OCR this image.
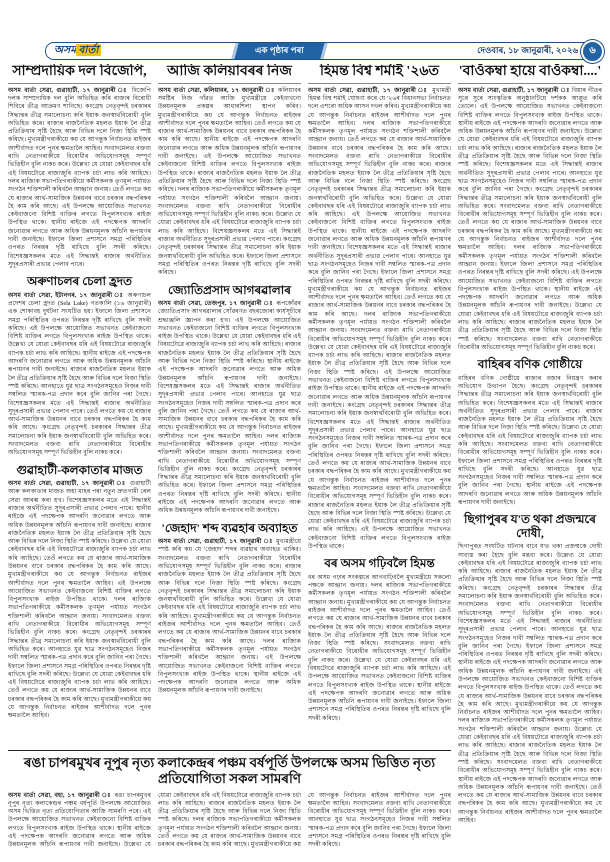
অসম বাৰ্তা	এক পৃষ্ঠাৰ পৰা	দেওবাৰ, ১৮ জানুৱাৰী, ২০২৬	৬
সাম্প্ৰদায়িক দল বিজেপি,

অসম বাৰ্তা সেৱা, গুৱাহাটী, ১৭ জানুৱাৰী ঃ বিজেপি দলক সাম্প্ৰদায়িক দল বুলি অভিহিত কৰি ৰাজ্যৰ বিৰোধী শিবিৰে তীব্ৰ আক্ৰমণ শানিছে। কংগ্ৰেছ নেতৃবৃন্দই চৰকাৰৰ সিদ্ধান্তৰ তীব্ৰ সমালোচনা কৰি ইয়াক জনস্বাৰ্থবিৰোধী বুলি অভিহিত কৰে। ৰাজ্যৰ ৰাজনৈতিক মহলত ইয়াক লৈ তীব্ৰ প্ৰতিক্ৰিয়াৰ সৃষ্টি হৈছে আৰু বিভিন্ন দলে নিজা স্থিতি স্পষ্ট কৰিছে। মুখ্যমন্ত্ৰীগৰাকীয়ে কয় যে আগন্তুক নিৰ্বাচনত ৰাইজৰ আশীৰ্বাদত দলে পুনৰ ক্ষমতালৈ আহিব। সংবাদমেলত বক্তব্য ৰাখি নেতাগৰাকীয়ে বিৰোধীৰ অভিযোগসমূহ সম্পূৰ্ণ ভিত্তিহীন বুলি নাকচ কৰে। উল্লেখ্য যে যোৱা কেইবাবছৰ ধৰি এই বিষয়টোৱে ৰাজ্যজুৰি ব্যাপক চৰ্চা লাভ কৰি আহিছে। দলৰ ৰাজ্যিক সভাপতিগৰাকীয়ে কৰ্মীসকলক তৃণমূল পৰ্যায়ত সংগঠন শক্তিশালী কৰিবলৈ আহ্বান জনায়। তেওঁ লগতে কয় যে ৰাজ্যৰ আৰ্থ-সামাজিক উন্নয়নৰ বাবে চৰকাৰ বদ্ধপৰিকৰ হৈ কাম কৰি আছে। এই উপলক্ষে আয়োজিত সভাখনত কেইবাজনো বিশিষ্ট ব্যক্তিৰ লগতে বিপুলসংখ্যক ৰাইজ উপস্থিত থাকে। স্থানীয় ৰাইজে এই পদক্ষেপক আদৰণি জনোৱাৰ লগতে আৰু অধিক উন্নয়নমূলক আঁচনি ৰূপায়ণৰ দাবী জনাইছে। ইফালে জিলা প্ৰশাসনে সমগ্ৰ পৰিস্থিতিৰ ওপৰত নিৰন্তৰ দৃষ্টি ৰাখিছে বুলি সদৰী কৰিছে। বিশেষজ্ঞসকলৰ মতে এই সিদ্ধান্তই ৰাজ্যৰ অৰ্থনীতিত সুদূৰপ্ৰসাৰী প্ৰভাৱ পেলাব পাৰে।

অৰুণাচলৰ চেলা হ্ৰদত

অসম বাৰ্তা সেৱা, ইটানগৰ, ১৭ জানুৱাৰী ঃ অৰুণাচল প্ৰদেশৰ চেলা হ্ৰদত (Sela Lake) গতকালি (১৬ জানুৱাৰী) এক শোকাবহ দুৰ্ঘটনা সংঘটিত হয়। ইফালে জিলা প্ৰশাসনে সমগ্ৰ পৰিস্থিতিৰ ওপৰত নিৰন্তৰ দৃষ্টি ৰাখিছে বুলি সদৰী কৰিছে। এই উপলক্ষে আয়োজিত সভাখনত কেইবাজনো বিশিষ্ট ব্যক্তিৰ লগতে বিপুলসংখ্যক ৰাইজ উপস্থিত থাকে। উল্লেখ্য যে যোৱা কেইবাবছৰ ধৰি এই বিষয়টোৱে ৰাজ্যজুৰি ব্যাপক চৰ্চা লাভ কৰি আহিছে। স্থানীয় ৰাইজে এই পদক্ষেপক আদৰণি জনোৱাৰ লগতে আৰু অধিক উন্নয়নমূলক আঁচনি ৰূপায়ণৰ দাবী জনাইছে। ৰাজ্যৰ ৰাজনৈতিক মহলত ইয়াক লৈ তীব্ৰ প্ৰতিক্ৰিয়াৰ সৃষ্টি হৈছে আৰু বিভিন্ন দলে নিজা স্থিতি স্পষ্ট কৰিছে। আনহাতে যুৱ ছাত্ৰ সংগঠনসমূহেও নিজৰ দাবী সম্বলিত স্মাৰক-পত্ৰ প্ৰদান কৰে বুলি জানিব পৰা গৈছে। বিশেষজ্ঞসকলৰ মতে এই সিদ্ধান্তই ৰাজ্যৰ অৰ্থনীতিত সুদূৰপ্ৰসাৰী প্ৰভাৱ পেলাব পাৰে। তেওঁ লগতে কয় যে ৰাজ্যৰ আৰ্থ-সামাজিক উন্নয়নৰ বাবে চৰকাৰ বদ্ধপৰিকৰ হৈ কাম কৰি আছে। কংগ্ৰেছ নেতৃবৃন্দই চৰকাৰৰ সিদ্ধান্তৰ তীব্ৰ সমালোচনা কৰি ইয়াক জনস্বাৰ্থবিৰোধী বুলি অভিহিত কৰে। সংবাদমেলত বক্তব্য ৰাখি নেতাগৰাকীয়ে বিৰোধীৰ অভিযোগসমূহ সম্পূৰ্ণ ভিত্তিহীন বুলি নাকচ কৰে।

গুৱাহাটী-কলকাতাৰ মাজত

অসম বাৰ্তা সেৱা, গুৱাহাটী, ১৭ জানুৱাৰী ঃ গুৱাহাটী আৰু কলকাতাৰ মাজত অহা মাহৰ পৰা নতুন দ্ৰুতগামী ৰেল সেৱা আৰম্ভ কৰা হ'ব। বিশেষজ্ঞসকলৰ মতে এই সিদ্ধান্তই ৰাজ্যৰ অৰ্থনীতিত সুদূৰপ্ৰসাৰী প্ৰভাৱ পেলাব পাৰে। স্থানীয় ৰাইজে এই পদক্ষেপক আদৰণি জনোৱাৰ লগতে আৰু অধিক উন্নয়নমূলক আঁচনি ৰূপায়ণৰ দাবী জনাইছে। ৰাজ্যৰ ৰাজনৈতিক মহলত ইয়াক লৈ তীব্ৰ প্ৰতিক্ৰিয়াৰ সৃষ্টি হৈছে আৰু বিভিন্ন দলে নিজা স্থিতি স্পষ্ট কৰিছে। উল্লেখ্য যে যোৱা কেইবাবছৰ ধৰি এই বিষয়টোৱে ৰাজ্যজুৰি ব্যাপক চৰ্চা লাভ কৰি আহিছে। তেওঁ লগতে কয় যে ৰাজ্যৰ আৰ্থ-সামাজিক উন্নয়নৰ বাবে চৰকাৰ বদ্ধপৰিকৰ হৈ কাম কৰি আছে। মুখ্যমন্ত্ৰীগৰাকীয়ে কয় যে আগন্তুক নিৰ্বাচনত ৰাইজৰ আশীৰ্বাদত দলে পুনৰ ক্ষমতালৈ আহিব। এই উপলক্ষে আয়োজিত সভাখনত কেইবাজনো বিশিষ্ট ব্যক্তিৰ লগতে বিপুলসংখ্যক ৰাইজ উপস্থিত থাকে। দলৰ ৰাজ্যিক সভাপতিগৰাকীয়ে কৰ্মীসকলক তৃণমূল পৰ্যায়ত সংগঠন শক্তিশালী কৰিবলৈ আহ্বান জনায়। সংবাদমেলত বক্তব্য ৰাখি নেতাগৰাকীয়ে বিৰোধীৰ অভিযোগসমূহ সম্পূৰ্ণ ভিত্তিহীন বুলি নাকচ কৰে। কংগ্ৰেছ নেতৃবৃন্দই চৰকাৰৰ সিদ্ধান্তৰ তীব্ৰ সমালোচনা কৰি ইয়াক জনস্বাৰ্থবিৰোধী বুলি অভিহিত কৰে। আনহাতে যুৱ ছাত্ৰ সংগঠনসমূহেও নিজৰ দাবী সম্বলিত স্মাৰক-পত্ৰ প্ৰদান কৰে বুলি জানিব পৰা গৈছে। ইফালে জিলা প্ৰশাসনে সমগ্ৰ পৰিস্থিতিৰ ওপৰত নিৰন্তৰ দৃষ্টি ৰাখিছে বুলি সদৰী কৰিছে। উল্লেখ্য যে যোৱা কেইবাবছৰ ধৰি এই বিষয়টোৱে ৰাজ্যজুৰি ব্যাপক চৰ্চা লাভ কৰি আহিছে। তেওঁ লগতে কয় যে ৰাজ্যৰ আৰ্থ-সামাজিক উন্নয়নৰ বাবে চৰকাৰ বদ্ধপৰিকৰ হৈ কাম কৰি আছে। মুখ্যমন্ত্ৰীগৰাকীয়ে কয় যে আগন্তুক নিৰ্বাচনত ৰাইজৰ আশীৰ্বাদত দলে পুনৰ ক্ষমতালৈ আহিব।

আজি কলিয়াবৰৰ নিজ

অসম বাৰ্তা সেৱা, কলিয়াবৰ, ১৭ জানুৱাৰী ঃ কলিয়াবৰ সমষ্টিৰ নিজ গাঁৱত আজি মুখ্যমন্ত্ৰীয়ে কেইবাখনো উন্নয়নমূলক প্ৰকল্পৰ আধাৰশিলা স্থাপন কৰিব। মুখ্যমন্ত্ৰীগৰাকীয়ে কয় যে আগন্তুক নিৰ্বাচনত ৰাইজৰ আশীৰ্বাদত দলে পুনৰ ক্ষমতালৈ আহিব। তেওঁ লগতে কয় যে ৰাজ্যৰ আৰ্থ-সামাজিক উন্নয়নৰ বাবে চৰকাৰ বদ্ধপৰিকৰ হৈ কাম কৰি আছে। স্থানীয় ৰাইজে এই পদক্ষেপক আদৰণি জনোৱাৰ লগতে আৰু অধিক উন্নয়নমূলক আঁচনি ৰূপায়ণৰ দাবী জনাইছে। এই উপলক্ষে আয়োজিত সভাখনত কেইবাজনো বিশিষ্ট ব্যক্তিৰ লগতে বিপুলসংখ্যক ৰাইজ উপস্থিত থাকে। ৰাজ্যৰ ৰাজনৈতিক মহলত ইয়াক লৈ তীব্ৰ প্ৰতিক্ৰিয়াৰ সৃষ্টি হৈছে আৰু বিভিন্ন দলে নিজা স্থিতি স্পষ্ট কৰিছে। দলৰ ৰাজ্যিক সভাপতিগৰাকীয়ে কৰ্মীসকলক তৃণমূল পৰ্যায়ত সংগঠন শক্তিশালী কৰিবলৈ আহ্বান জনায়। সংবাদমেলত বক্তব্য ৰাখি নেতাগৰাকীয়ে বিৰোধীৰ অভিযোগসমূহ সম্পূৰ্ণ ভিত্তিহীন বুলি নাকচ কৰে। উল্লেখ্য যে যোৱা কেইবাবছৰ ধৰি এই বিষয়টোৱে ৰাজ্যজুৰি ব্যাপক চৰ্চা লাভ কৰি আহিছে। বিশেষজ্ঞসকলৰ মতে এই সিদ্ধান্তই ৰাজ্যৰ অৰ্থনীতিত সুদূৰপ্ৰসাৰী প্ৰভাৱ পেলাব পাৰে। কংগ্ৰেছ নেতৃবৃন্দই চৰকাৰৰ সিদ্ধান্তৰ তীব্ৰ সমালোচনা কৰি ইয়াক জনস্বাৰ্থবিৰোধী বুলি অভিহিত কৰে। ইফালে জিলা প্ৰশাসনে সমগ্ৰ পৰিস্থিতিৰ ওপৰত নিৰন্তৰ দৃষ্টি ৰাখিছে বুলি সদৰী কৰিছে।

জ্যোতিপ্ৰসাদ আগৰৱালাৰ

অসম বাৰ্তা সেৱা, তেজপুৰ, ১৭ জানুৱাৰী ঃ ৰূপকোঁৱৰ জ্যোতিপ্ৰসাদ আগৰৱালাৰ সোঁৱৰণত বছৰজোৰা কাৰ্যসূচীৰে শ্ৰদ্ধাঞ্জলি জ্ঞাপন কৰা হ'ব। এই উপলক্ষে আয়োজিত সভাখনত কেইবাজনো বিশিষ্ট ব্যক্তিৰ লগতে বিপুলসংখ্যক ৰাইজ উপস্থিত থাকে। উল্লেখ্য যে যোৱা কেইবাবছৰ ধৰি এই বিষয়টোৱে ৰাজ্যজুৰি ব্যাপক চৰ্চা লাভ কৰি আহিছে। ৰাজ্যৰ ৰাজনৈতিক মহলত ইয়াক লৈ তীব্ৰ প্ৰতিক্ৰিয়াৰ সৃষ্টি হৈছে আৰু বিভিন্ন দলে নিজা স্থিতি স্পষ্ট কৰিছে। স্থানীয় ৰাইজে এই পদক্ষেপক আদৰণি জনোৱাৰ লগতে আৰু অধিক উন্নয়নমূলক আঁচনি ৰূপায়ণৰ দাবী জনাইছে। বিশেষজ্ঞসকলৰ মতে এই সিদ্ধান্তই ৰাজ্যৰ অৰ্থনীতিত সুদূৰপ্ৰসাৰী প্ৰভাৱ পেলাব পাৰে। আনহাতে যুৱ ছাত্ৰ সংগঠনসমূহেও নিজৰ দাবী সম্বলিত স্মাৰক-পত্ৰ প্ৰদান কৰে বুলি জানিব পৰা গৈছে। তেওঁ লগতে কয় যে ৰাজ্যৰ আৰ্থ-সামাজিক উন্নয়নৰ বাবে চৰকাৰ বদ্ধপৰিকৰ হৈ কাম কৰি আছে। মুখ্যমন্ত্ৰীগৰাকীয়ে কয় যে আগন্তুক নিৰ্বাচনত ৰাইজৰ আশীৰ্বাদত দলে পুনৰ ক্ষমতালৈ আহিব। দলৰ ৰাজ্যিক সভাপতিগৰাকীয়ে কৰ্মীসকলক তৃণমূল পৰ্যায়ত সংগঠন শক্তিশালী কৰিবলৈ আহ্বান জনায়। সংবাদমেলত বক্তব্য ৰাখি নেতাগৰাকীয়ে বিৰোধীৰ অভিযোগসমূহ সম্পূৰ্ণ ভিত্তিহীন বুলি নাকচ কৰে। কংগ্ৰেছ নেতৃবৃন্দই চৰকাৰৰ সিদ্ধান্তৰ তীব্ৰ সমালোচনা কৰি ইয়াক জনস্বাৰ্থবিৰোধী বুলি অভিহিত কৰে। ইফালে জিলা প্ৰশাসনে সমগ্ৰ পৰিস্থিতিৰ ওপৰত নিৰন্তৰ দৃষ্টি ৰাখিছে বুলি সদৰী কৰিছে। স্থানীয় ৰাইজে এই পদক্ষেপক আদৰণি জনোৱাৰ লগতে আৰু অধিক উন্নয়নমূলক আঁচনি ৰূপায়ণৰ দাবী জনাইছে।

'জেহাদ' শব্দ ব্যৱহাৰ অব্যাহত

অসম বাৰ্তা সেৱা, গুৱাহাটী, ১৭ জানুৱাৰী ঃ মুখ্যমন্ত্ৰীয়ে স্পষ্ট কৰি কয় যে 'জেহাদ' শব্দৰ ব্যৱহাৰ অব্যাহত থাকিব। সংবাদমেলত বক্তব্য ৰাখি নেতাগৰাকীয়ে বিৰোধীৰ অভিযোগসমূহ সম্পূৰ্ণ ভিত্তিহীন বুলি নাকচ কৰে। ৰাজ্যৰ ৰাজনৈতিক মহলত ইয়াক লৈ তীব্ৰ প্ৰতিক্ৰিয়াৰ সৃষ্টি হৈছে আৰু বিভিন্ন দলে নিজা স্থিতি স্পষ্ট কৰিছে। কংগ্ৰেছ নেতৃবৃন্দই চৰকাৰৰ সিদ্ধান্তৰ তীব্ৰ সমালোচনা কৰি ইয়াক জনস্বাৰ্থবিৰোধী বুলি অভিহিত কৰে। উল্লেখ্য যে যোৱা কেইবাবছৰ ধৰি এই বিষয়টোৱে ৰাজ্যজুৰি ব্যাপক চৰ্চা লাভ কৰি আহিছে। মুখ্যমন্ত্ৰীগৰাকীয়ে কয় যে আগন্তুক নিৰ্বাচনত ৰাইজৰ আশীৰ্বাদত দলে পুনৰ ক্ষমতালৈ আহিব। তেওঁ লগতে কয় যে ৰাজ্যৰ আৰ্থ-সামাজিক উন্নয়নৰ বাবে চৰকাৰ বদ্ধপৰিকৰ হৈ কাম কৰি আছে। দলৰ ৰাজ্যিক সভাপতিগৰাকীয়ে কৰ্মীসকলক তৃণমূল পৰ্যায়ত সংগঠন শক্তিশালী কৰিবলৈ আহ্বান জনায়। এই উপলক্ষে আয়োজিত সভাখনত কেইবাজনো বিশিষ্ট ব্যক্তিৰ লগতে বিপুলসংখ্যক ৰাইজ উপস্থিত থাকে। স্থানীয় ৰাইজে এই পদক্ষেপক আদৰণি জনোৱাৰ লগতে আৰু অধিক উন্নয়নমূলক আঁচনি ৰূপায়ণৰ দাবী জনাইছে।

হিমন্ত বিশ্ব শৰ্মাই '২৬ত

অসম বাৰ্তা সেৱা, গুৱাহাটী, ১৭ জানুৱাৰী ঃ মুখ্যমন্ত্ৰী হিমন্ত বিশ্ব শৰ্মাই ঘোষণা কৰে যে '২৬ৰ বিধানসভা নিৰ্বাচনত দলে এশৰো অধিক আসন দখল কৰিব। মুখ্যমন্ত্ৰীগৰাকীয়ে কয় যে আগন্তুক নিৰ্বাচনত ৰাইজৰ আশীৰ্বাদত দলে পুনৰ ক্ষমতালৈ আহিব। দলৰ ৰাজ্যিক সভাপতিগৰাকীয়ে কৰ্মীসকলক তৃণমূল পৰ্যায়ত সংগঠন শক্তিশালী কৰিবলৈ আহ্বান জনায়। তেওঁ লগতে কয় যে ৰাজ্যৰ আৰ্থ-সামাজিক উন্নয়নৰ বাবে চৰকাৰ বদ্ধপৰিকৰ হৈ কাম কৰি আছে। সংবাদমেলত বক্তব্য ৰাখি নেতাগৰাকীয়ে বিৰোধীৰ অভিযোগসমূহ সম্পূৰ্ণ ভিত্তিহীন বুলি নাকচ কৰে। ৰাজ্যৰ ৰাজনৈতিক মহলত ইয়াক লৈ তীব্ৰ প্ৰতিক্ৰিয়াৰ সৃষ্টি হৈছে আৰু বিভিন্ন দলে নিজা স্থিতি স্পষ্ট কৰিছে। কংগ্ৰেছ নেতৃবৃন্দই চৰকাৰৰ সিদ্ধান্তৰ তীব্ৰ সমালোচনা কৰি ইয়াক জনস্বাৰ্থবিৰোধী বুলি অভিহিত কৰে। উল্লেখ্য যে যোৱা কেইবাবছৰ ধৰি এই বিষয়টোৱে ৰাজ্যজুৰি ব্যাপক চৰ্চা লাভ কৰি আহিছে। এই উপলক্ষে আয়োজিত সভাখনত কেইবাজনো বিশিষ্ট ব্যক্তিৰ লগতে বিপুলসংখ্যক ৰাইজ উপস্থিত থাকে। স্থানীয় ৰাইজে এই পদক্ষেপক আদৰণি জনোৱাৰ লগতে আৰু অধিক উন্নয়নমূলক আঁচনি ৰূপায়ণৰ দাবী জনাইছে। বিশেষজ্ঞসকলৰ মতে এই সিদ্ধান্তই ৰাজ্যৰ অৰ্থনীতিত সুদূৰপ্ৰসাৰী প্ৰভাৱ পেলাব পাৰে। আনহাতে যুৱ ছাত্ৰ সংগঠনসমূহেও নিজৰ দাবী সম্বলিত স্মাৰক-পত্ৰ প্ৰদান কৰে বুলি জানিব পৰা গৈছে। ইফালে জিলা প্ৰশাসনে সমগ্ৰ পৰিস্থিতিৰ ওপৰত নিৰন্তৰ দৃষ্টি ৰাখিছে বুলি সদৰী কৰিছে। মুখ্যমন্ত্ৰীগৰাকীয়ে কয় যে আগন্তুক নিৰ্বাচনত ৰাইজৰ আশীৰ্বাদত দলে পুনৰ ক্ষমতালৈ আহিব। তেওঁ লগতে কয় যে ৰাজ্যৰ আৰ্থ-সামাজিক উন্নয়নৰ বাবে চৰকাৰ বদ্ধপৰিকৰ হৈ কাম কৰি আছে। দলৰ ৰাজ্যিক সভাপতিগৰাকীয়ে কৰ্মীসকলক তৃণমূল পৰ্যায়ত সংগঠন শক্তিশালী কৰিবলৈ আহ্বান জনায়। সংবাদমেলত বক্তব্য ৰাখি নেতাগৰাকীয়ে বিৰোধীৰ অভিযোগসমূহ সম্পূৰ্ণ ভিত্তিহীন বুলি নাকচ কৰে। উল্লেখ্য যে যোৱা কেইবাবছৰ ধৰি এই বিষয়টোৱে ৰাজ্যজুৰি ব্যাপক চৰ্চা লাভ কৰি আহিছে। ৰাজ্যৰ ৰাজনৈতিক মহলত ইয়াক লৈ তীব্ৰ প্ৰতিক্ৰিয়াৰ সৃষ্টি হৈছে আৰু বিভিন্ন দলে নিজা স্থিতি স্পষ্ট কৰিছে। এই উপলক্ষে আয়োজিত সভাখনত কেইবাজনো বিশিষ্ট ব্যক্তিৰ লগতে বিপুলসংখ্যক ৰাইজ উপস্থিত থাকে। স্থানীয় ৰাইজে এই পদক্ষেপক আদৰণি জনোৱাৰ লগতে আৰু অধিক উন্নয়নমূলক আঁচনি ৰূপায়ণৰ দাবী জনাইছে। কংগ্ৰেছ নেতৃবৃন্দই চৰকাৰৰ সিদ্ধান্তৰ তীব্ৰ সমালোচনা কৰি ইয়াক জনস্বাৰ্থবিৰোধী বুলি অভিহিত কৰে। বিশেষজ্ঞসকলৰ মতে এই সিদ্ধান্তই ৰাজ্যৰ অৰ্থনীতিত সুদূৰপ্ৰসাৰী প্ৰভাৱ পেলাব পাৰে। আনহাতে যুৱ ছাত্ৰ সংগঠনসমূহেও নিজৰ দাবী সম্বলিত স্মাৰক-পত্ৰ প্ৰদান কৰে বুলি জানিব পৰা গৈছে। ইফালে জিলা প্ৰশাসনে সমগ্ৰ পৰিস্থিতিৰ ওপৰত নিৰন্তৰ দৃষ্টি ৰাখিছে বুলি সদৰী কৰিছে। তেওঁ লগতে কয় যে ৰাজ্যৰ আৰ্থ-সামাজিক উন্নয়নৰ বাবে চৰকাৰ বদ্ধপৰিকৰ হৈ কাম কৰি আছে। মুখ্যমন্ত্ৰীগৰাকীয়ে কয় যে আগন্তুক নিৰ্বাচনত ৰাইজৰ আশীৰ্বাদত দলে পুনৰ ক্ষমতালৈ আহিব। সংবাদমেলত বক্তব্য ৰাখি নেতাগৰাকীয়ে বিৰোধীৰ অভিযোগসমূহ সম্পূৰ্ণ ভিত্তিহীন বুলি নাকচ কৰে। ৰাজ্যৰ ৰাজনৈতিক মহলত ইয়াক লৈ তীব্ৰ প্ৰতিক্ৰিয়াৰ সৃষ্টি হৈছে আৰু বিভিন্ন দলে নিজা স্থিতি স্পষ্ট কৰিছে। উল্লেখ্য যে যোৱা কেইবাবছৰ ধৰি এই বিষয়টোৱে ৰাজ্যজুৰি ব্যাপক চৰ্চা লাভ কৰি আহিছে। এই উপলক্ষে আয়োজিত সভাখনত কেইবাজনো বিশিষ্ট ব্যক্তিৰ লগতে বিপুলসংখ্যক ৰাইজ উপস্থিত থাকে।

বৰ অসম গঢ়িবলৈ হিমন্ত

বৰ অসম গঢ়াৰ সংকল্পৰে আগবাঢ়িবলৈ মুখ্যমন্ত্ৰীয়ে সকলো পক্ষকে আহ্বান জনায়। দলৰ ৰাজ্যিক সভাপতিগৰাকীয়ে কৰ্মীসকলক তৃণমূল পৰ্যায়ত সংগঠন শক্তিশালী কৰিবলৈ আহ্বান জনায়। মুখ্যমন্ত্ৰীগৰাকীয়ে কয় যে আগন্তুক নিৰ্বাচনত ৰাইজৰ আশীৰ্বাদত দলে পুনৰ ক্ষমতালৈ আহিব। তেওঁ লগতে কয় যে ৰাজ্যৰ আৰ্থ-সামাজিক উন্নয়নৰ বাবে চৰকাৰ বদ্ধপৰিকৰ হৈ কাম কৰি আছে। ৰাজ্যৰ ৰাজনৈতিক মহলত ইয়াক লৈ তীব্ৰ প্ৰতিক্ৰিয়াৰ সৃষ্টি হৈছে আৰু বিভিন্ন দলে নিজা স্থিতি স্পষ্ট কৰিছে। সংবাদমেলত বক্তব্য ৰাখি নেতাগৰাকীয়ে বিৰোধীৰ অভিযোগসমূহ সম্পূৰ্ণ ভিত্তিহীন বুলি নাকচ কৰে। উল্লেখ্য যে যোৱা কেইবাবছৰ ধৰি এই বিষয়টোৱে ৰাজ্যজুৰি ব্যাপক চৰ্চা লাভ কৰি আহিছে। এই উপলক্ষে আয়োজিত সভাখনত কেইবাজনো বিশিষ্ট ব্যক্তিৰ লগতে বিপুলসংখ্যক ৰাইজ উপস্থিত থাকে। স্থানীয় ৰাইজে এই পদক্ষেপক আদৰণি জনোৱাৰ লগতে আৰু অধিক উন্নয়নমূলক আঁচনি ৰূপায়ণৰ দাবী জনাইছে। ইফালে জিলা প্ৰশাসনে সমগ্ৰ পৰিস্থিতিৰ ওপৰত নিৰন্তৰ দৃষ্টি ৰাখিছে বুলি সদৰী কৰিছে।

ৰঙা চাপৰমুখৰ নূপুৰ নৃত্য কলাকেন্দ্ৰৰ পঞ্চম বৰ্ষপূৰ্তি উপলক্ষে অসম ভিত্তিত নৃত্য প্ৰতিযোগিতা সকল সামৰণি

অসম বাৰ্তা সেৱা, বহা, ১৭ জানুৱাৰী ঃ ৰঙা চাপৰমুখৰ নূপুৰ নৃত্য কলাকেন্দ্ৰৰ পঞ্চম বৰ্ষপূৰ্তি উপলক্ষে আয়োজিত অসম ভিত্তিত নৃত্য প্ৰতিযোগিতাৰ আজি সামৰণি পৰে। এই উপলক্ষে আয়োজিত সভাখনত কেইবাজনো বিশিষ্ট ব্যক্তিৰ লগতে বিপুলসংখ্যক ৰাইজ উপস্থিত থাকে। স্থানীয় ৰাইজে এই পদক্ষেপক আদৰণি জনোৱাৰ লগতে আৰু অধিক উন্নয়নমূলক আঁচনি ৰূপায়ণৰ দাবী জনাইছে। উল্লেখ্য যে যোৱা কেইবাবছৰ ধৰি এই বিষয়টোৱে ৰাজ্যজুৰি ব্যাপক চৰ্চা লাভ কৰি আহিছে। ৰাজ্যৰ ৰাজনৈতিক মহলত ইয়াক লৈ তীব্ৰ প্ৰতিক্ৰিয়াৰ সৃষ্টি হৈছে আৰু বিভিন্ন দলে নিজা স্থিতি স্পষ্ট কৰিছে। দলৰ ৰাজ্যিক সভাপতিগৰাকীয়ে কৰ্মীসকলক তৃণমূল পৰ্যায়ত সংগঠন শক্তিশালী কৰিবলৈ আহ্বান জনায়। তেওঁ লগতে কয় যে ৰাজ্যৰ আৰ্থ-সামাজিক উন্নয়নৰ বাবে চৰকাৰ বদ্ধপৰিকৰ হৈ কাম কৰি আছে। মুখ্যমন্ত্ৰীগৰাকীয়ে কয় যে আগন্তুক নিৰ্বাচনত ৰাইজৰ আশীৰ্বাদত দলে পুনৰ ক্ষমতালৈ আহিব। সংবাদমেলত বক্তব্য ৰাখি নেতাগৰাকীয়ে বিৰোধীৰ অভিযোগসমূহ সম্পূৰ্ণ ভিত্তিহীন বুলি নাকচ কৰে। আনহাতে যুৱ ছাত্ৰ সংগঠনসমূহেও নিজৰ দাবী সম্বলিত স্মাৰক-পত্ৰ প্ৰদান কৰে বুলি জানিব পৰা গৈছে। ইফালে জিলা প্ৰশাসনে সমগ্ৰ পৰিস্থিতিৰ ওপৰত নিৰন্তৰ দৃষ্টি ৰাখিছে বুলি সদৰী কৰিছে।

'বাওঁকম্বা হায়ে বাওঁকম্বা....'

অসম বাৰ্তা সেৱা, গুৱাহাটী, ১৭ জানুৱাৰী ঃ বিয়াৰ গীতৰ সুৰে সুৰে সাংস্কৃতিক অনুষ্ঠানটিয়ে দৰ্শকক আপ্লুত কৰি তোলে। এই উপলক্ষে আয়োজিত সভাখনত কেইবাজনো বিশিষ্ট ব্যক্তিৰ লগতে বিপুলসংখ্যক ৰাইজ উপস্থিত থাকে। স্থানীয় ৰাইজে এই পদক্ষেপক আদৰণি জনোৱাৰ লগতে আৰু অধিক উন্নয়নমূলক আঁচনি ৰূপায়ণৰ দাবী জনাইছে। উল্লেখ্য যে যোৱা কেইবাবছৰ ধৰি এই বিষয়টোৱে ৰাজ্যজুৰি ব্যাপক চৰ্চা লাভ কৰি আহিছে। ৰাজ্যৰ ৰাজনৈতিক মহলত ইয়াক লৈ তীব্ৰ প্ৰতিক্ৰিয়াৰ সৃষ্টি হৈছে আৰু বিভিন্ন দলে নিজা স্থিতি স্পষ্ট কৰিছে। বিশেষজ্ঞসকলৰ মতে এই সিদ্ধান্তই ৰাজ্যৰ অৰ্থনীতিত সুদূৰপ্ৰসাৰী প্ৰভাৱ পেলাব পাৰে। আনহাতে যুৱ ছাত্ৰ সংগঠনসমূহেও নিজৰ দাবী সম্বলিত স্মাৰক-পত্ৰ প্ৰদান কৰে বুলি জানিব পৰা গৈছে। কংগ্ৰেছ নেতৃবৃন্দই চৰকাৰৰ সিদ্ধান্তৰ তীব্ৰ সমালোচনা কৰি ইয়াক জনস্বাৰ্থবিৰোধী বুলি অভিহিত কৰে। সংবাদমেলত বক্তব্য ৰাখি নেতাগৰাকীয়ে বিৰোধীৰ অভিযোগসমূহ সম্পূৰ্ণ ভিত্তিহীন বুলি নাকচ কৰে। তেওঁ লগতে কয় যে ৰাজ্যৰ আৰ্থ-সামাজিক উন্নয়নৰ বাবে চৰকাৰ বদ্ধপৰিকৰ হৈ কাম কৰি আছে। মুখ্যমন্ত্ৰীগৰাকীয়ে কয় যে আগন্তুক নিৰ্বাচনত ৰাইজৰ আশীৰ্বাদত দলে পুনৰ ক্ষমতালৈ আহিব। দলৰ ৰাজ্যিক সভাপতিগৰাকীয়ে কৰ্মীসকলক তৃণমূল পৰ্যায়ত সংগঠন শক্তিশালী কৰিবলৈ আহ্বান জনায়। ইফালে জিলা প্ৰশাসনে সমগ্ৰ পৰিস্থিতিৰ ওপৰত নিৰন্তৰ দৃষ্টি ৰাখিছে বুলি সদৰী কৰিছে। এই উপলক্ষে আয়োজিত সভাখনত কেইবাজনো বিশিষ্ট ব্যক্তিৰ লগতে বিপুলসংখ্যক ৰাইজ উপস্থিত থাকে। স্থানীয় ৰাইজে এই পদক্ষেপক আদৰণি জনোৱাৰ লগতে আৰু অধিক উন্নয়নমূলক আঁচনি ৰূপায়ণৰ দাবী জনাইছে। উল্লেখ্য যে যোৱা কেইবাবছৰ ধৰি এই বিষয়টোৱে ৰাজ্যজুৰি ব্যাপক চৰ্চা লাভ কৰি আহিছে। ৰাজ্যৰ ৰাজনৈতিক মহলত ইয়াক লৈ তীব্ৰ প্ৰতিক্ৰিয়াৰ সৃষ্টি হৈছে আৰু বিভিন্ন দলে নিজা স্থিতি স্পষ্ট কৰিছে। সংবাদমেলত বক্তব্য ৰাখি নেতাগৰাকীয়ে বিৰোধীৰ অভিযোগসমূহ সম্পূৰ্ণ ভিত্তিহীন বুলি নাকচ কৰে।

বাহিৰৰ বণিক গোষ্ঠীয়ে

বাহিৰৰ বণিক গোষ্ঠীয়ে ৰাজ্যৰ বজাৰ নিয়ন্ত্ৰণ কৰাৰ অভিযোগ উত্থাপন হৈছে। কংগ্ৰেছ নেতৃবৃন্দই চৰকাৰৰ সিদ্ধান্তৰ তীব্ৰ সমালোচনা কৰি ইয়াক জনস্বাৰ্থবিৰোধী বুলি অভিহিত কৰে। বিশেষজ্ঞসকলৰ মতে এই সিদ্ধান্তই ৰাজ্যৰ অৰ্থনীতিত সুদূৰপ্ৰসাৰী প্ৰভাৱ পেলাব পাৰে। ৰাজ্যৰ ৰাজনৈতিক মহলত ইয়াক লৈ তীব্ৰ প্ৰতিক্ৰিয়াৰ সৃষ্টি হৈছে আৰু বিভিন্ন দলে নিজা স্থিতি স্পষ্ট কৰিছে। উল্লেখ্য যে যোৱা কেইবাবছৰ ধৰি এই বিষয়টোৱে ৰাজ্যজুৰি ব্যাপক চৰ্চা লাভ কৰি আহিছে। সংবাদমেলত বক্তব্য ৰাখি নেতাগৰাকীয়ে বিৰোধীৰ অভিযোগসমূহ সম্পূৰ্ণ ভিত্তিহীন বুলি নাকচ কৰে। ইফালে জিলা প্ৰশাসনে সমগ্ৰ পৰিস্থিতিৰ ওপৰত নিৰন্তৰ দৃষ্টি ৰাখিছে বুলি সদৰী কৰিছে। আনহাতে যুৱ ছাত্ৰ সংগঠনসমূহেও নিজৰ দাবী সম্বলিত স্মাৰক-পত্ৰ প্ৰদান কৰে বুলি জানিব পৰা গৈছে। স্থানীয় ৰাইজে এই পদক্ষেপক আদৰণি জনোৱাৰ লগতে আৰু অধিক উন্নয়নমূলক আঁচনি ৰূপায়ণৰ দাবী জনাইছে।

ছিগাপুৰৰ য'ত থকা প্ৰজন্মৰে দোষী,

ছিগাপুৰত সংঘটিত ঘটনাৰ বাবে য'ত থকা প্ৰজন্মকে দোষী সাব্যস্ত কৰা হৈছে বুলি মন্তব্য কৰে। উল্লেখ্য যে যোৱা কেইবাবছৰ ধৰি এই বিষয়টোৱে ৰাজ্যজুৰি ব্যাপক চৰ্চা লাভ কৰি আহিছে। ৰাজ্যৰ ৰাজনৈতিক মহলত ইয়াক লৈ তীব্ৰ প্ৰতিক্ৰিয়াৰ সৃষ্টি হৈছে আৰু বিভিন্ন দলে নিজা স্থিতি স্পষ্ট কৰিছে। কংগ্ৰেছ নেতৃবৃন্দই চৰকাৰৰ সিদ্ধান্তৰ তীব্ৰ সমালোচনা কৰি ইয়াক জনস্বাৰ্থবিৰোধী বুলি অভিহিত কৰে। সংবাদমেলত বক্তব্য ৰাখি নেতাগৰাকীয়ে বিৰোধীৰ অভিযোগসমূহ সম্পূৰ্ণ ভিত্তিহীন বুলি নাকচ কৰে। বিশেষজ্ঞসকলৰ মতে এই সিদ্ধান্তই ৰাজ্যৰ অৰ্থনীতিত সুদূৰপ্ৰসাৰী প্ৰভাৱ পেলাব পাৰে। আনহাতে যুৱ ছাত্ৰ সংগঠনসমূহেও নিজৰ দাবী সম্বলিত স্মাৰক-পত্ৰ প্ৰদান কৰে বুলি জানিব পৰা গৈছে। ইফালে জিলা প্ৰশাসনে সমগ্ৰ পৰিস্থিতিৰ ওপৰত নিৰন্তৰ দৃষ্টি ৰাখিছে বুলি সদৰী কৰিছে। স্থানীয় ৰাইজে এই পদক্ষেপক আদৰণি জনোৱাৰ লগতে আৰু অধিক উন্নয়নমূলক আঁচনি ৰূপায়ণৰ দাবী জনাইছে। এই উপলক্ষে আয়োজিত সভাখনত কেইবাজনো বিশিষ্ট ব্যক্তিৰ লগতে বিপুলসংখ্যক ৰাইজ উপস্থিত থাকে। তেওঁ লগতে কয় যে ৰাজ্যৰ আৰ্থ-সামাজিক উন্নয়নৰ বাবে চৰকাৰ বদ্ধপৰিকৰ হৈ কাম কৰি আছে। মুখ্যমন্ত্ৰীগৰাকীয়ে কয় যে আগন্তুক নিৰ্বাচনত ৰাইজৰ আশীৰ্বাদত দলে পুনৰ ক্ষমতালৈ আহিব। দলৰ ৰাজ্যিক সভাপতিগৰাকীয়ে কৰ্মীসকলক তৃণমূল পৰ্যায়ত সংগঠন শক্তিশালী কৰিবলৈ আহ্বান জনায়। উল্লেখ্য যে যোৱা কেইবাবছৰ ধৰি এই বিষয়টোৱে ৰাজ্যজুৰি ব্যাপক চৰ্চা লাভ কৰি আহিছে। ৰাজ্যৰ ৰাজনৈতিক মহলত ইয়াক লৈ তীব্ৰ প্ৰতিক্ৰিয়াৰ সৃষ্টি হৈছে আৰু বিভিন্ন দলে নিজা স্থিতি স্পষ্ট কৰিছে। সংবাদমেলত বক্তব্য ৰাখি নেতাগৰাকীয়ে বিৰোধীৰ অভিযোগসমূহ সম্পূৰ্ণ ভিত্তিহীন বুলি নাকচ কৰে। স্থানীয় ৰাইজে এই পদক্ষেপক আদৰণি জনোৱাৰ লগতে আৰু অধিক উন্নয়নমূলক আঁচনি ৰূপায়ণৰ দাবী জনাইছে। তেওঁ লগতে কয় যে ৰাজ্যৰ আৰ্থ-সামাজিক উন্নয়নৰ বাবে চৰকাৰ বদ্ধপৰিকৰ হৈ কাম কৰি আছে। মুখ্যমন্ত্ৰীগৰাকীয়ে কয় যে আগন্তুক নিৰ্বাচনত ৰাইজৰ আশীৰ্বাদত দলে পুনৰ ক্ষমতালৈ আহিব।
